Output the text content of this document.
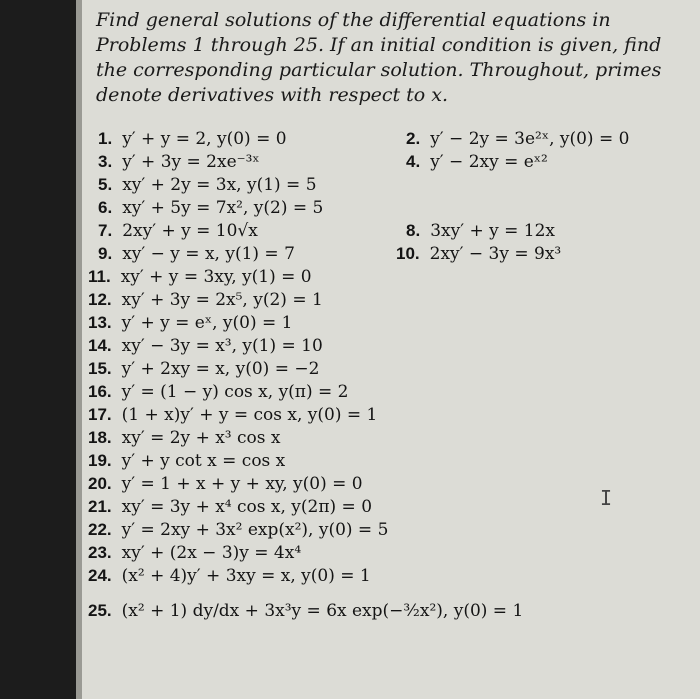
Find general solutions of the differential equations in Problems 1 through 25. If an initial condition is given, find the corresponding particular solution. Throughout, primes denote derivatives with respect to x.
1. y′ + y = 2, y(0) = 0	2. y′ − 2y = 3e²ˣ, y(0) = 0
3. y′ + 3y = 2xe⁻³ˣ	4. y′ − 2xy = eˣ²
5. xy′ + 2y = 3x, y(1) = 5
6. xy′ + 5y = 7x², y(2) = 5
7. 2xy′ + y = 10√x	8. 3xy′ + y = 12x
9. xy′ − y = x, y(1) = 7	10. 2xy′ − 3y = 9x³
11. xy′ + y = 3xy, y(1) = 0
12. xy′ + 3y = 2x⁵, y(2) = 1
13. y′ + y = eˣ, y(0) = 1
14. xy′ − 3y = x³, y(1) = 10
15. y′ + 2xy = x, y(0) = −2
16. y′ = (1 − y) cos x, y(π) = 2
17. (1 + x)y′ + y = cos x, y(0) = 1
18. xy′ = 2y + x³ cos x
19. y′ + y cot x = cos x
20. y′ = 1 + x + y + xy, y(0) = 0
21. xy′ = 3y + x⁴ cos x, y(2π) = 0
22. y′ = 2xy + 3x² exp(x²), y(0) = 5
23. xy′ + (2x − 3)y = 4x⁴
24. (x² + 4)y′ + 3xy = x, y(0) = 1
25. (x² + 1) dy/dx + 3x³y = 6x exp(−³⁄₂x²), y(0) = 1
I
